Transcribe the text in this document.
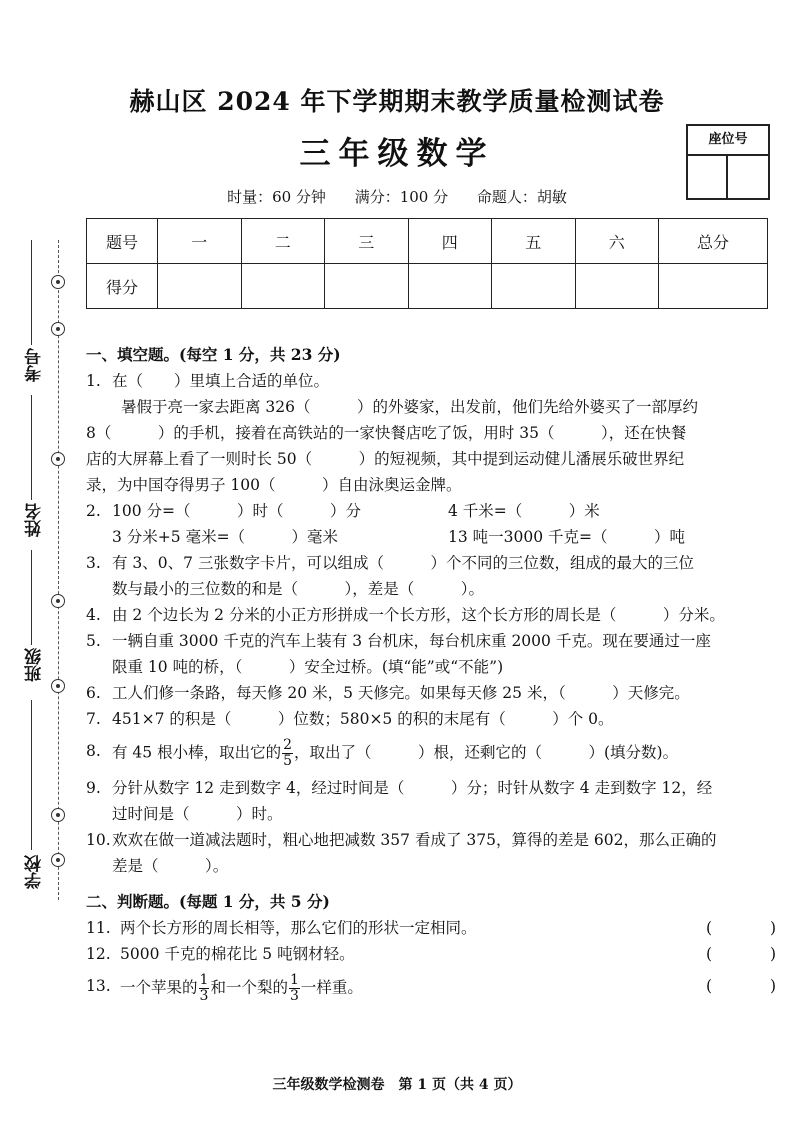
赫山区 2024 年下学期期末教学质量检测试卷
三年级数学	座位号
时量：60 分钟 满分：100 分 命题人：胡敏
题号	一	二	三	四	五	六	总分
得分							
考号
姓名
班级
学校
一、填空题。(每空 1 分，共 23 分)
1. 在（　　）里填上合适的单位。
暑假于亮一家去距离 326（　　　）的外婆家，出发前，他们先给外婆买了一部厚约
8（　　　）的手机，接着在高铁站的一家快餐店吃了饭，用时 35（　　　），还在快餐
店的大屏幕上看了一则时长 50（　　　）的短视频，其中提到运动健儿潘展乐破世界纪
录，为中国夺得男子 100（　　　）自由泳奥运金牌。
2. 100 分=（　　　）时（　　　）分	4 千米=（　　　）米
3 分米+5 毫米=（　　　）毫米	13 吨一3000 千克=（　　　）吨
3. 有 3、0、7 三张数字卡片，可以组成（　　　）个不同的三位数，组成的最大的三位
数与最小的三位数的和是（　　　），差是（　　　）。
4. 由 2 个边长为 2 分米的小正方形拼成一个长方形，这个长方形的周长是（　　　）分米。
5. 一辆自重 3000 千克的汽车上装有 3 台机床，每台机床重 2000 千克。现在要通过一座
限重 10 吨的桥，（　　　）安全过桥。(填“能”或“不能”)
6. 工人们修一条路，每天修 20 米，5 天修完。如果每天修 25 米，（　　　）天修完。
7. 451×7 的积是（　　　）位数；580×5 的积的末尾有（　　　）个 0。
8. 有 45 根小棒，取出它的 $\frac{2}{5}$ ，取出了（　　　）根，还剩它的（　　　）(填分数)。
9. 分针从数字 12 走到数字 4，经过时间是（　　　）分；时针从数字 4 走到数字 12，经
过时间是（　　　）时。
10. 欢欢在做一道减法题时，粗心地把减数 357 看成了 375，算得的差是 602，那么正确的
差是（　　　）。
二、判断题。(每题 1 分，共 5 分)
11. 两个长方形的周长相等，那么它们的形状一定相同。	(	)
12. 5000 千克的棉花比 5 吨钢材轻。	(	)
13. 一个苹果的 $\frac{1}{3}$ 和一个梨的 $\frac{1}{3}$ 一样重。	(	)
三年级数学检测卷　第 1 页（共 4 页）
